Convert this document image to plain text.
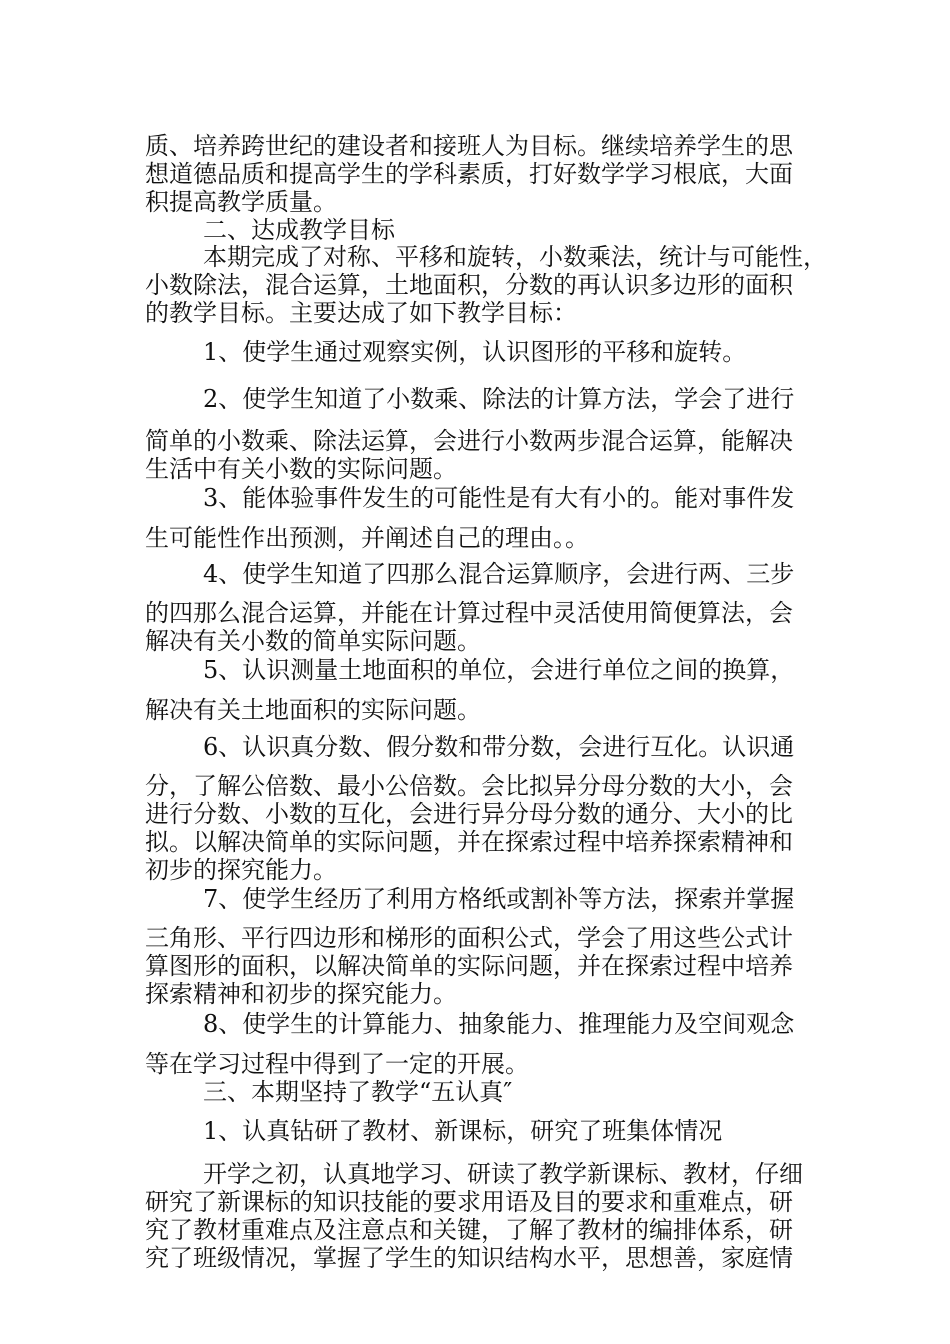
质、培养跨世纪的建设者和接班人为目标。继续培养学生的思

想道德品质和提高学生的学科素质，打好数学学习根底，大面

积提高教学质量。

二、达成教学目标

本期完成了对称、平移和旋转，小数乘法，统计与可能性，

小数除法，混合运算，土地面积，分数的再认识多边形的面积

的教学目标。主要达成了如下教学目标：

1、使学生通过观察实例，认识图形的平移和旋转。

2、使学生知道了小数乘、除法的计算方法，学会了进行

简单的小数乘、除法运算，会进行小数两步混合运算，能解决

生活中有关小数的实际问题。

3、能体验事件发生的可能性是有大有小的。能对事件发

生可能性作出预测，并阐述自己的理由。。

4、使学生知道了四那么混合运算顺序，会进行两、三步

的四那么混合运算，并能在计算过程中灵活使用简便算法，会

解决有关小数的简单实际问题。

5、认识测量土地面积的单位，会进行单位之间的换算，

解决有关土地面积的实际问题。

6、认识真分数、假分数和带分数，会进行互化。认识通

分，了解公倍数、最小公倍数。会比拟异分母分数的大小，会

进行分数、小数的互化，会进行异分母分数的通分、大小的比

拟。以解决简单的实际问题，并在探索过程中培养探索精神和

初步的探究能力。

7、使学生经历了利用方格纸或割补等方法，探索并掌握

三角形、平行四边形和梯形的面积公式，学会了用这些公式计

算图形的面积，以解决简单的实际问题，并在探索过程中培养

探索精神和初步的探究能力。

8、使学生的计算能力、抽象能力、推理能力及空间观念

等在学习过程中得到了一定的开展。

三、本期坚持了教学“五认真″

1、认真钻研了教材、新课标，研究了班集体情况

开学之初，认真地学习、研读了教学新课标、教材，仔细

研究了新课标的知识技能的要求用语及目的要求和重难点，研

究了教材重难点及注意点和关键，了解了教材的编排体系，研

究了班级情况，掌握了学生的知识结构水平，思想善，家庭情
